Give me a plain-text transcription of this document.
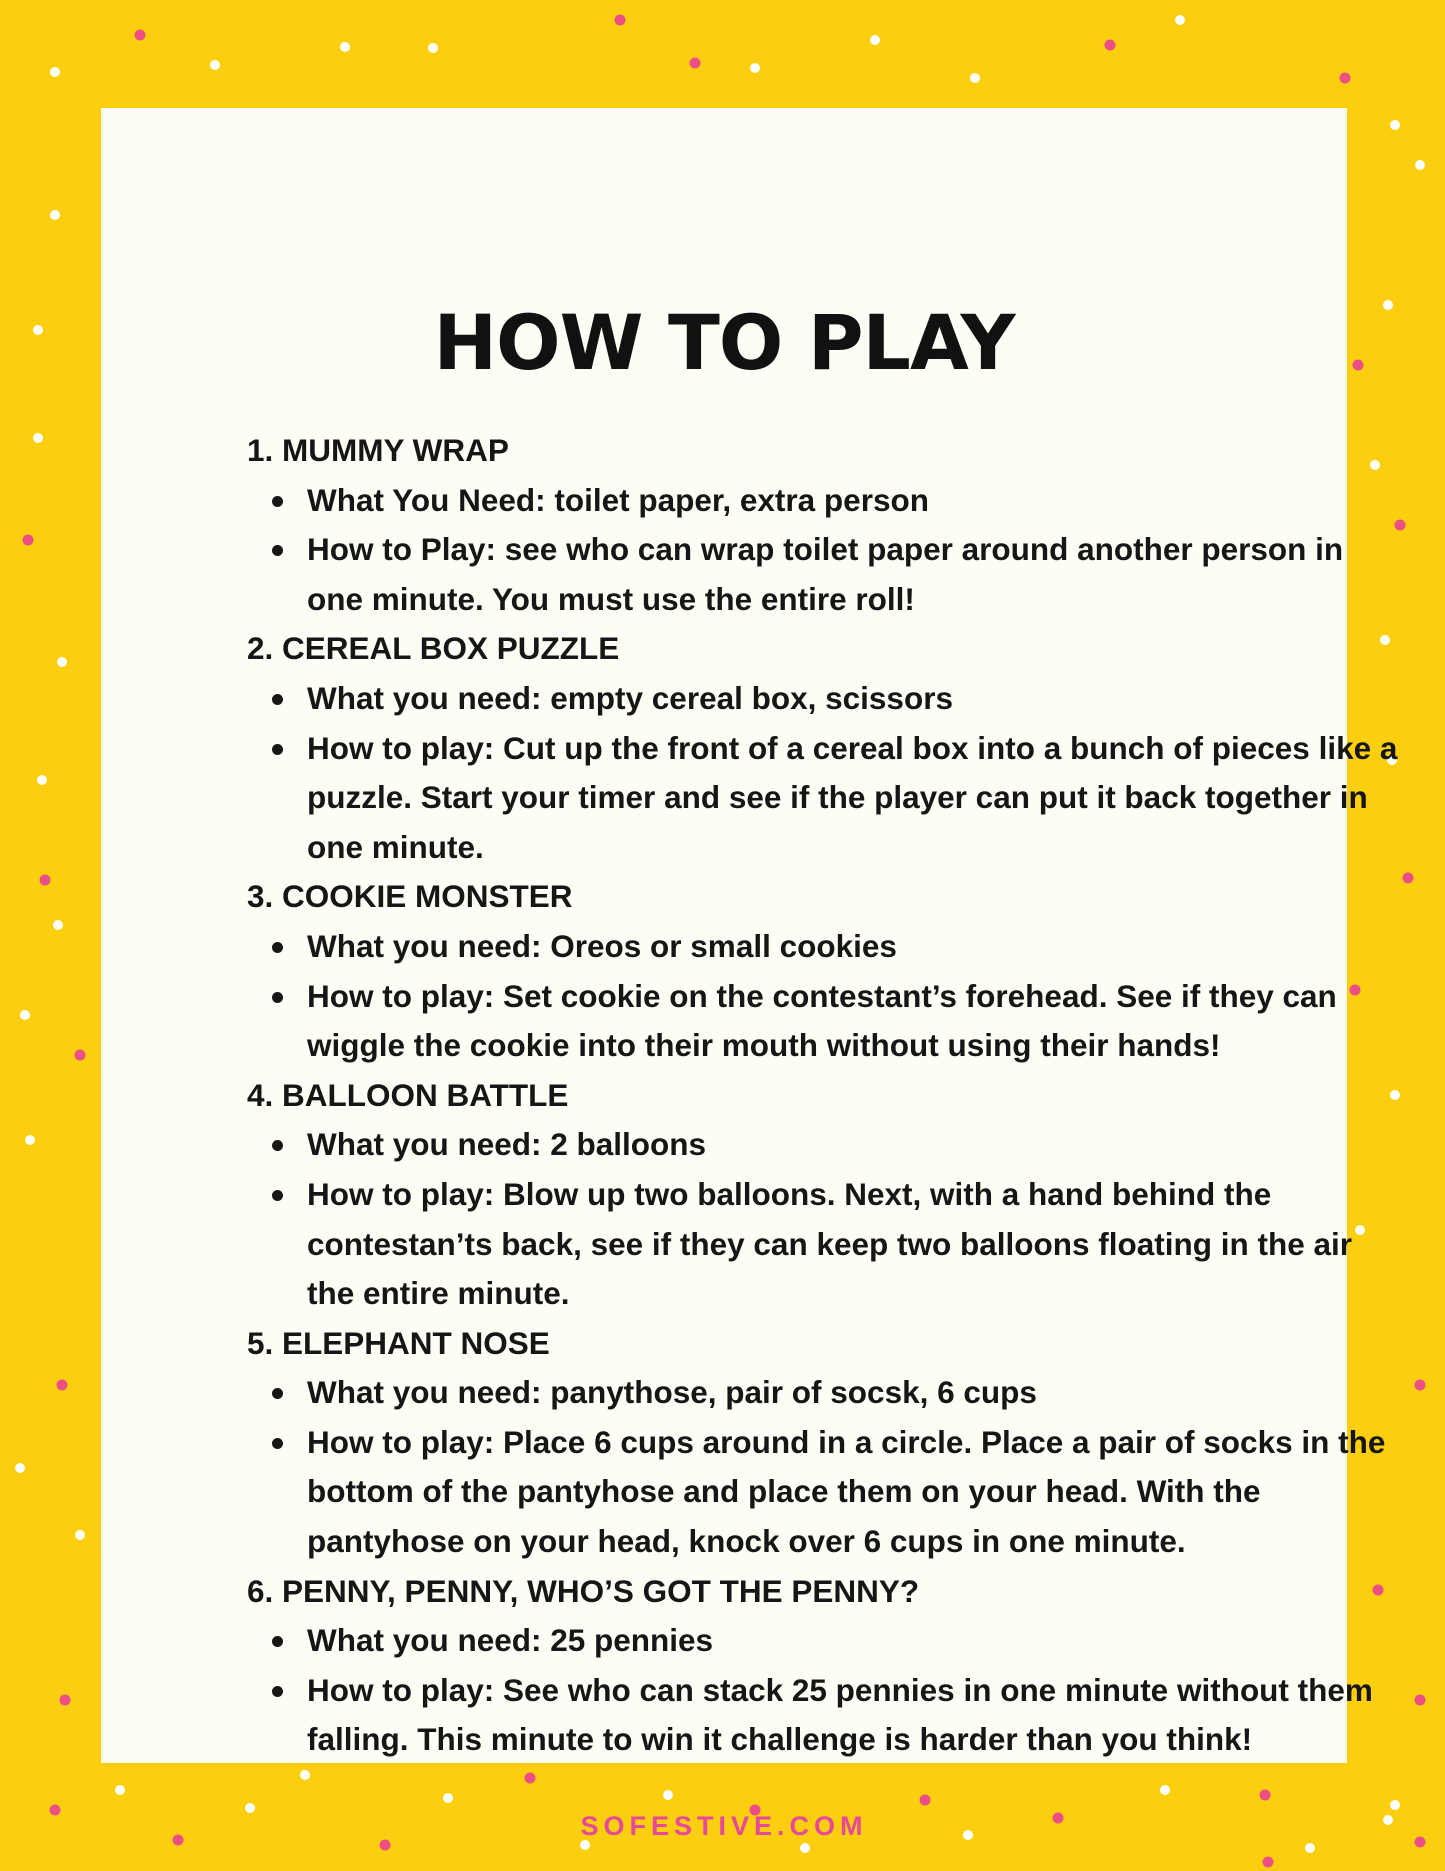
HOW TO PLAY
1. MUMMY WRAP
What You Need: toilet paper, extra person
How to Play: see who can wrap toilet paper around another person in one minute. You must use the entire roll!
2. CEREAL BOX PUZZLE
What you need: empty cereal box, scissors
How to play: Cut up the front of a cereal box into a bunch of pieces like a puzzle. Start your timer and see if the player can put it back together in one minute.
3. COOKIE MONSTER
What you need: Oreos or small cookies
How to play: Set cookie on the contestant’s forehead. See if they can wiggle the cookie into their mouth without using their hands!
4. BALLOON BATTLE
What you need: 2 balloons
How to play: Blow up two balloons. Next, with a hand behind the contestan’ts back, see if they can keep two balloons floating in the air the entire minute.
5. ELEPHANT NOSE
What you need: panythose, pair of socsk, 6 cups
How to play: Place 6 cups around in a circle. Place a pair of socks in the bottom of the pantyhose and place them on your head. With the pantyhose on your head, knock over 6 cups in one minute.
6. PENNY, PENNY, WHO’S GOT THE PENNY?
What you need: 25 pennies
How to play: See who can stack 25 pennies in one minute without them falling. This minute to win it challenge is harder than you think!
SOFESTIVE.COM
